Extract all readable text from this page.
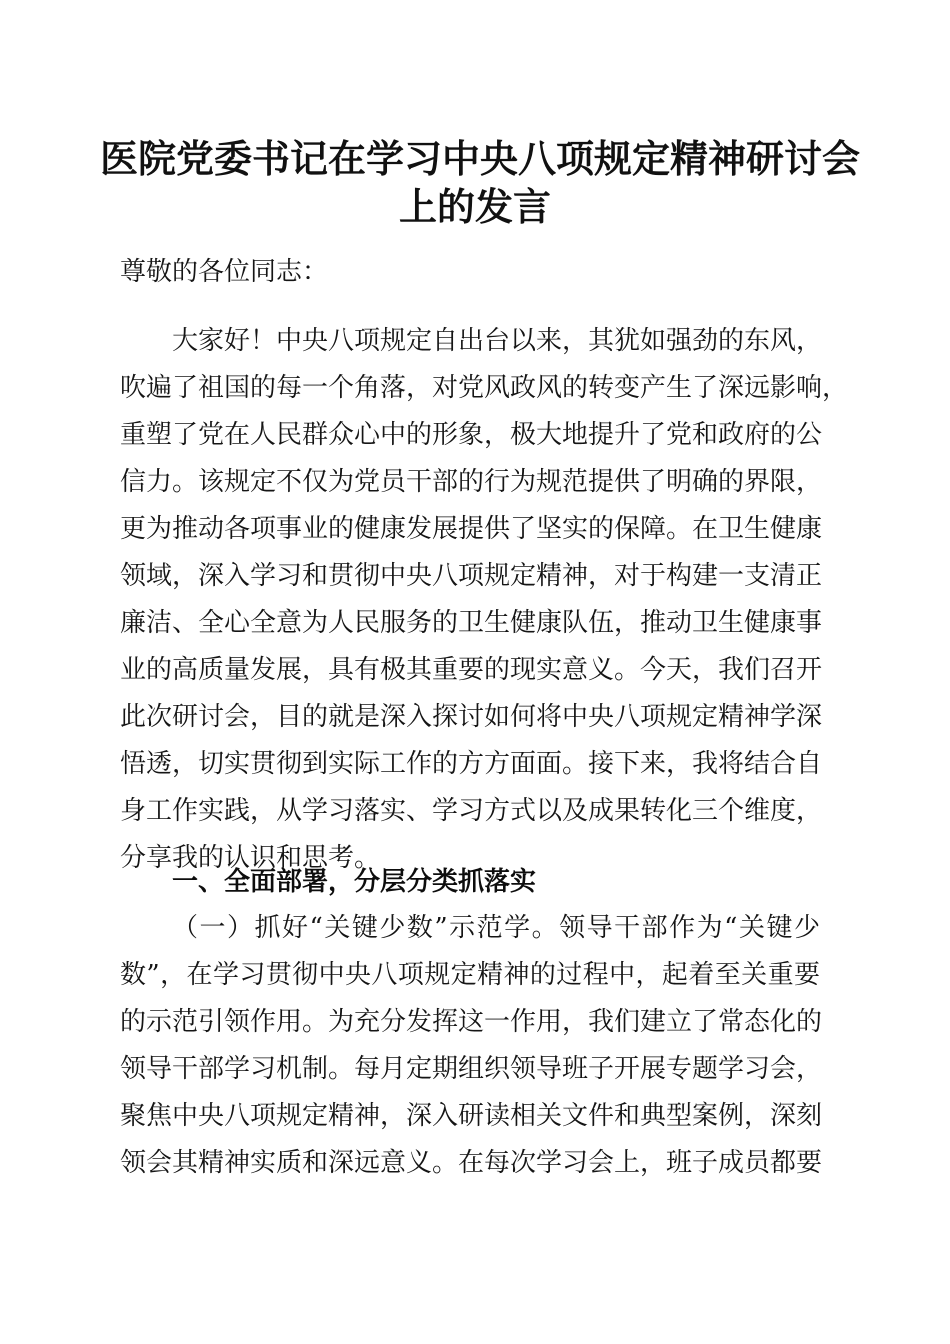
医院党委书记在学习中央八项规定精神研讨会
上的发言
尊敬的各位同志：
大家好！中央八项规定自出台以来，其犹如强劲的东风，
吹遍了祖国的每一个角落，对党风政风的转变产生了深远影响，
重塑了党在人民群众心中的形象，极大地提升了党和政府的公
信力。该规定不仅为党员干部的行为规范提供了明确的界限，
更为推动各项事业的健康发展提供了坚实的保障。在卫生健康
领域，深入学习和贯彻中央八项规定精神，对于构建一支清正
廉洁、全心全意为人民服务的卫生健康队伍，推动卫生健康事
业的高质量发展，具有极其重要的现实意义。今天，我们召开
此次研讨会，目的就是深入探讨如何将中央八项规定精神学深
悟透，切实贯彻到实际工作的方方面面。接下来，我将结合自
身工作实践，从学习落实、学习方式以及成果转化三个维度，
分享我的认识和思考。
一、全面部署，分层分类抓落实
（一）抓好“关键少数”示范学。领导干部作为“关键少
数”，在学习贯彻中央八项规定精神的过程中，起着至关重要
的示范引领作用。为充分发挥这一作用，我们建立了常态化的
领导干部学习机制。每月定期组织领导班子开展专题学习会，
聚焦中央八项规定精神，深入研读相关文件和典型案例，深刻
领会其精神实质和深远意义。在每次学习会上，班子成员都要
